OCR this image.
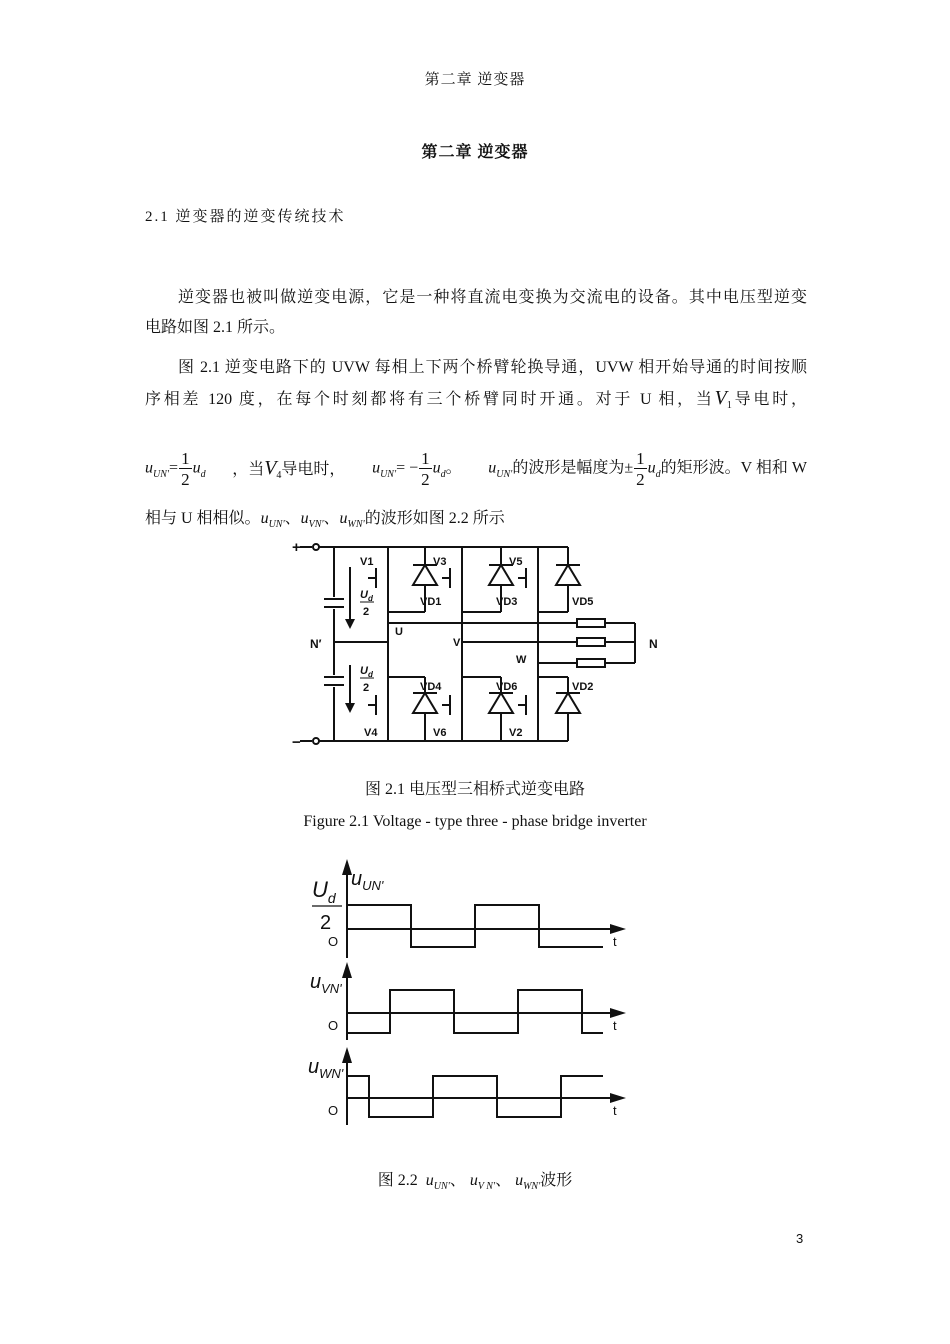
第二章 逆变器
第二章 逆变器
2.1 逆变器的逆变传统技术
逆变器也被叫做逆变电源，它是一种将直流电变换为交流电的设备。其中电压型逆变
电路如图 2.1 所示。
图 2.1 逆变电路下的 UVW 每相上下两个桥臂轮换导通，UVW 相开始导通的时间按顺
序相差 120 度，在每个时刻都将有三个桥臂同时开通。对于 U 相，当$V_1$导电时，
$u_{UN'}= \frac{1}{2} u_d$ ，当$V_4$导电时， $u_{UN'}= - \frac{1}{2} u_d$。 $u_{UN'}$的波形是幅度为± $\frac{1}{2} u_d$的矩形波。V 相和 W
相与 U 相相似。$u_{UN'}$、$u_{VN'}$、$u_{WN'}$的波形如图 2.2 所示
+
−
N′	N
U
V
W
V1	V3	V5
V4	V6	V2
VD1	VD3	VD5
VD4	VD6	VD2
$U_d$
2
$U_d$
2
图 2.1 电压型三相桥式逆变电路
Figure 2.1 Voltage - type three - phase bridge inverter
$U_d$
2
$u_{UN'}$
$u_{VN'}$
$u_{WN'}$
O
O
O
t
t
t
图 2.2 $u_{UN'}$、 $u_{V N'}$、 $u_{WN'}$波形
3
